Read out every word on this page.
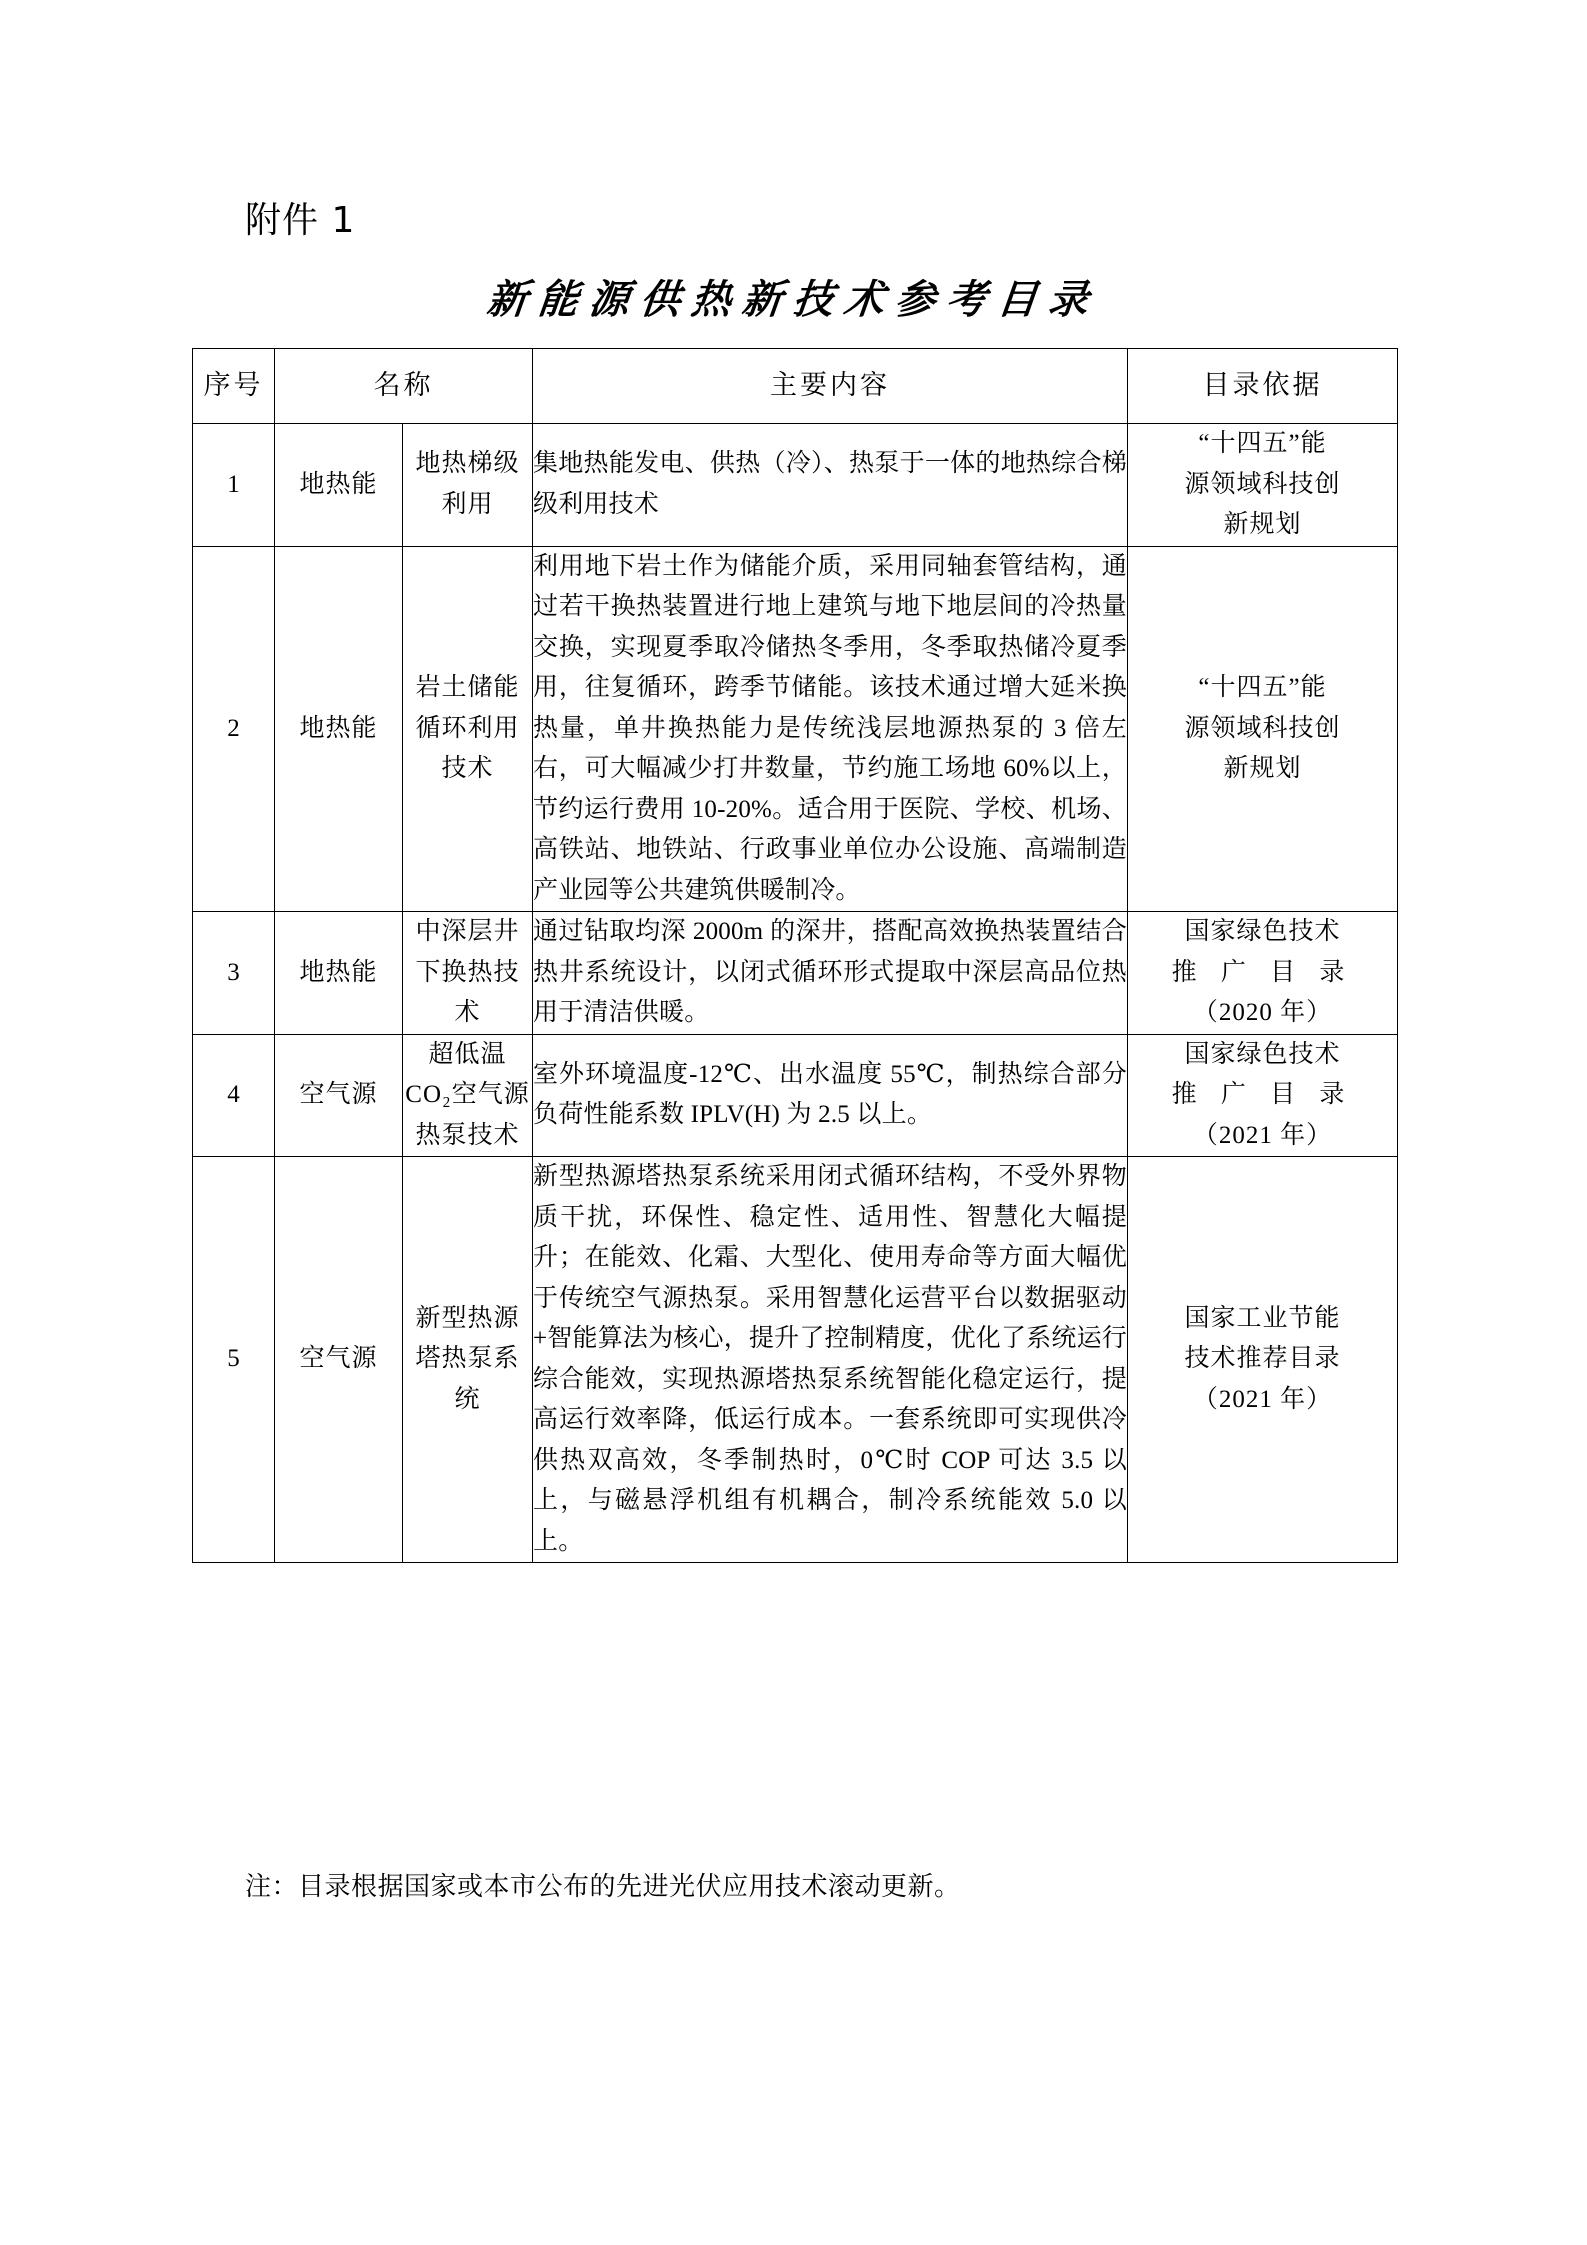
附件 1
新能源供热新技术参考目录
序号	名称		主要内容	目录依据
1	地热能	地热梯级利用	集地热能发电、供热（冷）、热泵于一体的地热综合梯级利用技术	“十四五”能
源领域科技创
新规划

2	地热能	岩土储能循环利用技术	利用地下岩土作为储能介质，采用同轴套管结构，通过若干换热装置进行地上建筑与地下地层间的冷热量交换，实现夏季取冷储热冬季用，冬季取热储冷夏季用，往复循环，跨季节储能。该技术通过增大延米换热量，单井换热能力是传统浅层地源热泵的 3 倍左右，可大幅减少打井数量，节约施工场地 60%以上，节约运行费用 10-20%。适合用于医院、学校、机场、高铁站、地铁站、行政事业单位办公设施、高端制造产业园等公共建筑供暖制冷。	
“十四五”能
源领域科技创
新规划

3	地热能	中深层井下换热技术	通过钻取均深 2000m 的深井，搭配高效换热装置结合热井系统设计，以闭式循环形式提取中深层高品位热用于清洁供暖。	国家绿色技术
推 广 目 录
（2020 年）

4	空气源	超低温 CO₂空气源热泵技术	室外环境温度-12℃、出水温度 55℃，制热综合部分负荷性能系数 IPLV(H) 为 2.5 以上。	国家绿色技术
推 广 目 录
（2021 年）

5	空气源	新型热源塔热泵系统	新型热源塔热泵系统采用闭式循环结构，不受外界物质干扰，环保性、稳定性、适用性、智慧化大幅提升；在能效、化霜、大型化、使用寿命等方面大幅优于传统空气源热泵。采用智慧化运营平台以数据驱动+智能算法为核心，提升了控制精度，优化了系统运行综合能效，实现热源塔热泵系统智能化稳定运行，提高运行效率降，低运行成本。一套系统即可实现供冷供热双高效，冬季制热时，0℃时 COP 可达 3.5 以上，与磁悬浮机组有机耦合，制冷系统能效 5.0 以上。	
国家工业节能
技术推荐目录
（2021 年）
注：目录根据国家或本市公布的先进光伏应用技术滚动更新。
